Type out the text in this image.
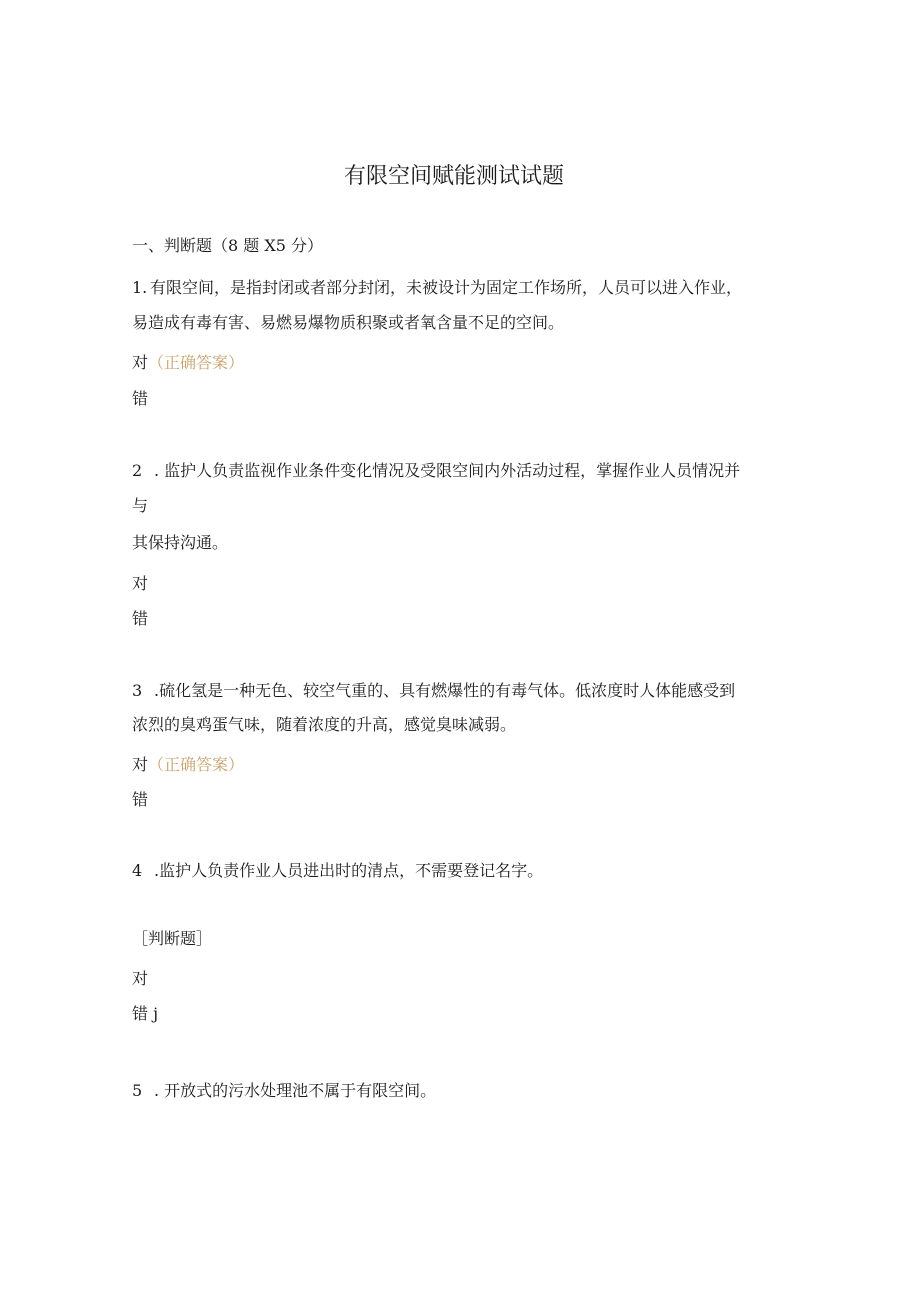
有限空间赋能测试试题
一、判断题（8 题 X5 分）
1. 有限空间，是指封闭或者部分封闭，未被设计为固定工作场所，人员可以进入作业，
易造成有毒有害、易燃易爆物质积聚或者氧含量不足的空间。
对（正确答案）
错
2 . 监护人负责监视作业条件变化情况及受限空间内外活动过程，掌握作业人员情况并
与
其保持沟通。
对
错
3 .硫化氢是一种无色、较空气重的、具有燃爆性的有毒气体。低浓度时人体能感受到
浓烈的臭鸡蛋气味，随着浓度的升高，感觉臭味减弱。
对（正确答案）
错
4 .监护人负责作业人员进出时的清点，不需要登记名字。
［判断题］
对
错 j
5 . 开放式的污水处理池不属于有限空间。
